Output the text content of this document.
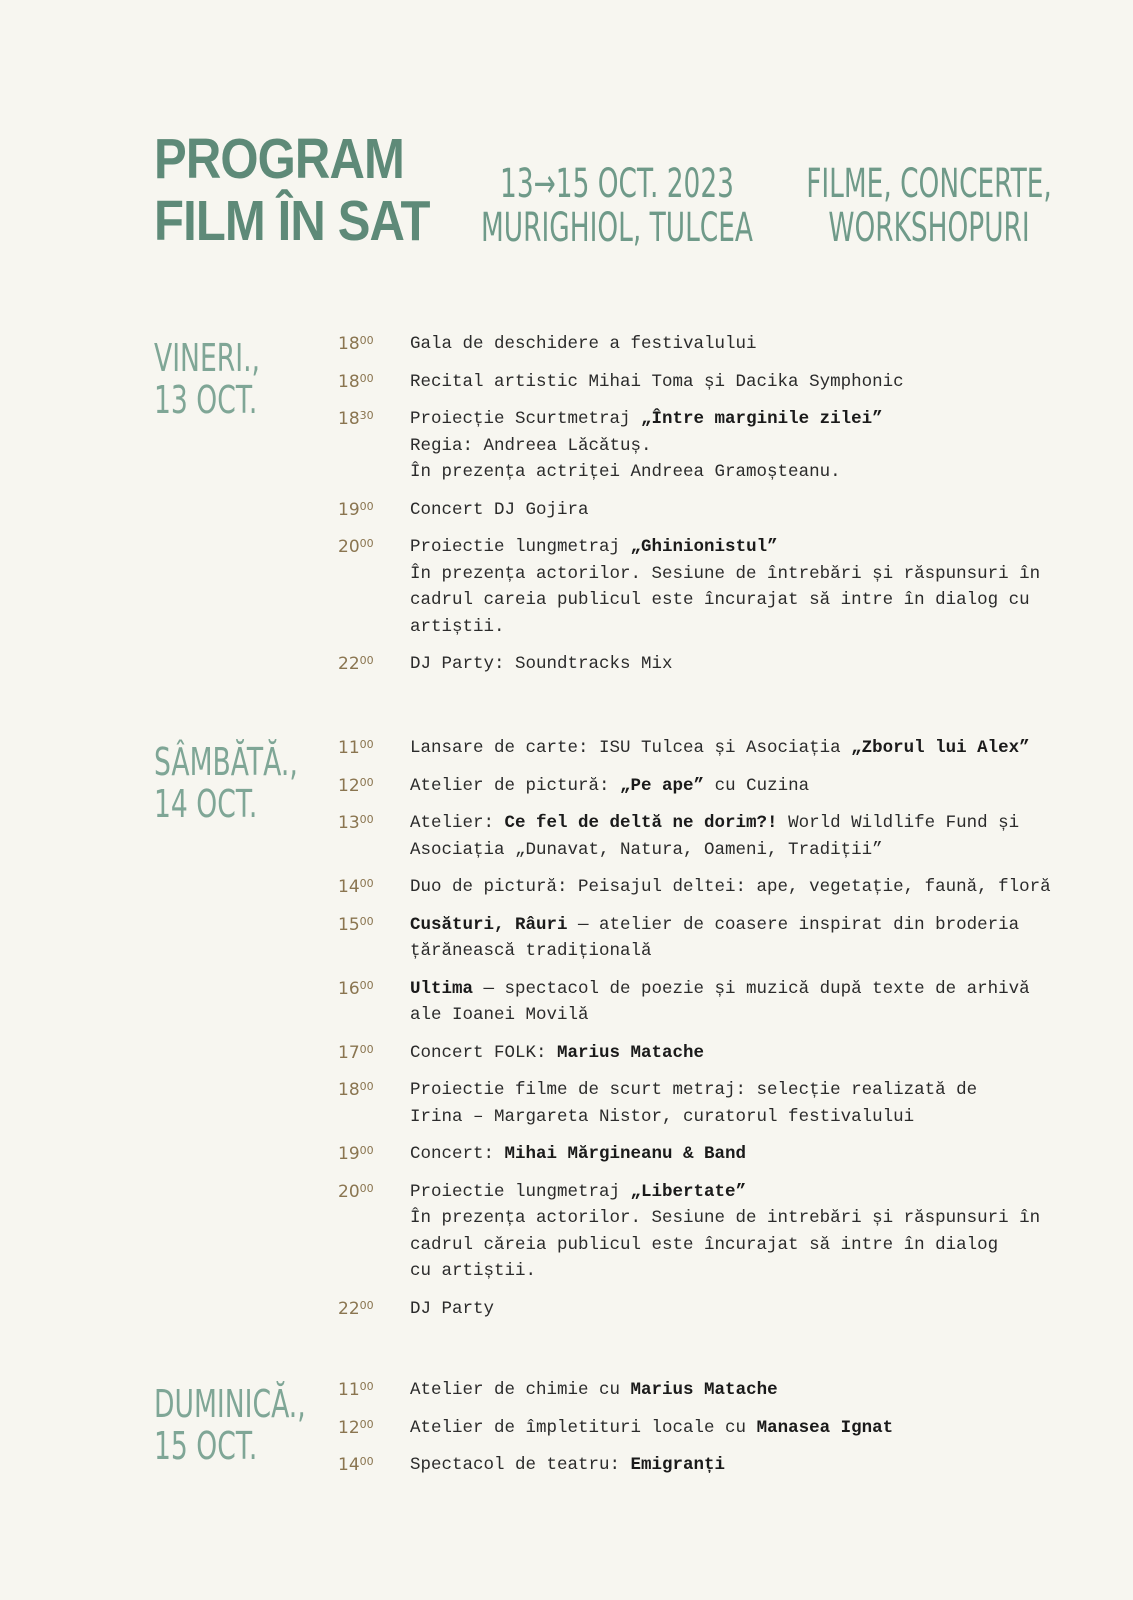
PROGRAM
FILM ÎN SAT
13→15 OCT. 2023
MURIGHIOL, TULCEA
FILME, CONCERTE,
WORKSHOPURI
VINERI.,
13 OCT.
$18^{00}$ Gala de deschidere a festivalului
$18^{00}$ Recital artistic Mihai Toma și Dacika Symphonic
$18^{30}$ Proiecție Scurtmetraj „Între marginile zilei”
Regia: Andreea Lăcătuș.
În prezența actriței Andreea Gramoșteanu.
$19^{00}$ Concert DJ Gojira
$20^{00}$ Proiectie lungmetraj „Ghinionistul”
În prezența actorilor. Sesiune de întrebări și răspunsuri în
cadrul careia publicul este încurajat să intre în dialog cu
artiștii.
$22^{00}$ DJ Party: Soundtracks Mix
SÂMBĂTĂ.,
14 OCT.
$11^{00}$ Lansare de carte: ISU Tulcea și Asociația „Zborul lui Alex”
$12^{00}$ Atelier de pictură: „Pe ape” cu Cuzina
$13^{00}$ Atelier: Ce fel de deltă ne dorim?! World Wildlife Fund și
Asociația „Dunavat, Natura, Oameni, Tradiții”
$14^{00}$ Duo de pictură: Peisajul deltei: ape, vegetație, faună, floră
$15^{00}$ Cusături, Râuri — atelier de coasere inspirat din broderia
țărănească tradițională
$16^{00}$ Ultima — spectacol de poezie și muzică după texte de arhivă
ale Ioanei Movilă
$17^{00}$ Concert FOLK: Marius Matache
$18^{00}$ Proiectie filme de scurt metraj: selecție realizată de
Irina – Margareta Nistor, curatorul festivalului
$19^{00}$ Concert: Mihai Mărgineanu & Band
$20^{00}$ Proiectie lungmetraj „Libertate”
În prezența actorilor. Sesiune de intrebări și răspunsuri în
cadrul căreia publicul este încurajat să intre în dialog
cu artiștii.
$22^{00}$ DJ Party
DUMINICĂ.,
15 OCT.
$11^{00}$ Atelier de chimie cu Marius Matache
$12^{00}$ Atelier de împletituri locale cu Manasea Ignat
$14^{00}$ Spectacol de teatru: Emigranți
